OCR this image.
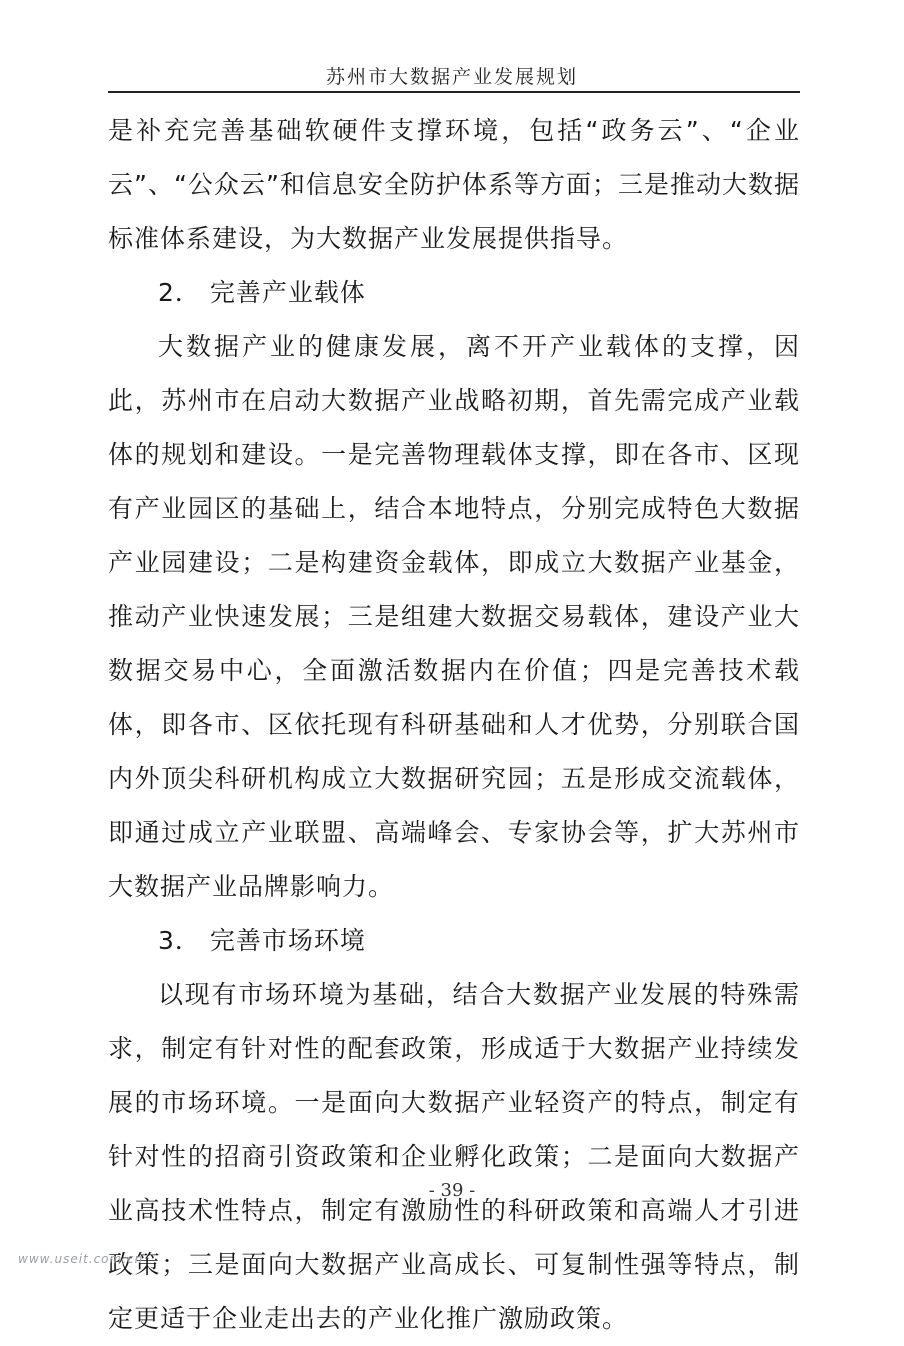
苏州市大数据产业发展规划

是补充完善基础软硬件支撑环境，包括“政务云”、“企业云”、“公众云”和信息安全防护体系等方面；三是推动大数据标准体系建设，为大数据产业发展提供指导。

2． 完善产业载体

大数据产业的健康发展，离不开产业载体的支撑，因此，苏州市在启动大数据产业战略初期，首先需完成产业载体的规划和建设。一是完善物理载体支撑，即在各市、区现有产业园区的基础上，结合本地特点，分别完成特色大数据产业园建设；二是构建资金载体，即成立大数据产业基金，推动产业快速发展；三是组建大数据交易载体，建设产业大数据交易中心，全面激活数据内在价值；四是完善技术载体，即各市、区依托现有科研基础和人才优势，分别联合国内外顶尖科研机构成立大数据研究园；五是形成交流载体，即通过成立产业联盟、高端峰会、专家协会等，扩大苏州市大数据产业品牌影响力。

3． 完善市场环境

以现有市场环境为基础，结合大数据产业发展的特殊需求，制定有针对性的配套政策，形成适于大数据产业持续发展的市场环境。一是面向大数据产业轻资产的特点，制定有针对性的招商引资政策和企业孵化政策；二是面向大数据产业高技术性特点，制定有激励性的科研政策和高端人才引进政策；三是面向大数据产业高成长、可复制性强等特点，制定更适于企业走出去的产业化推广激励政策。

- 39 -
www.useit.com.cn
